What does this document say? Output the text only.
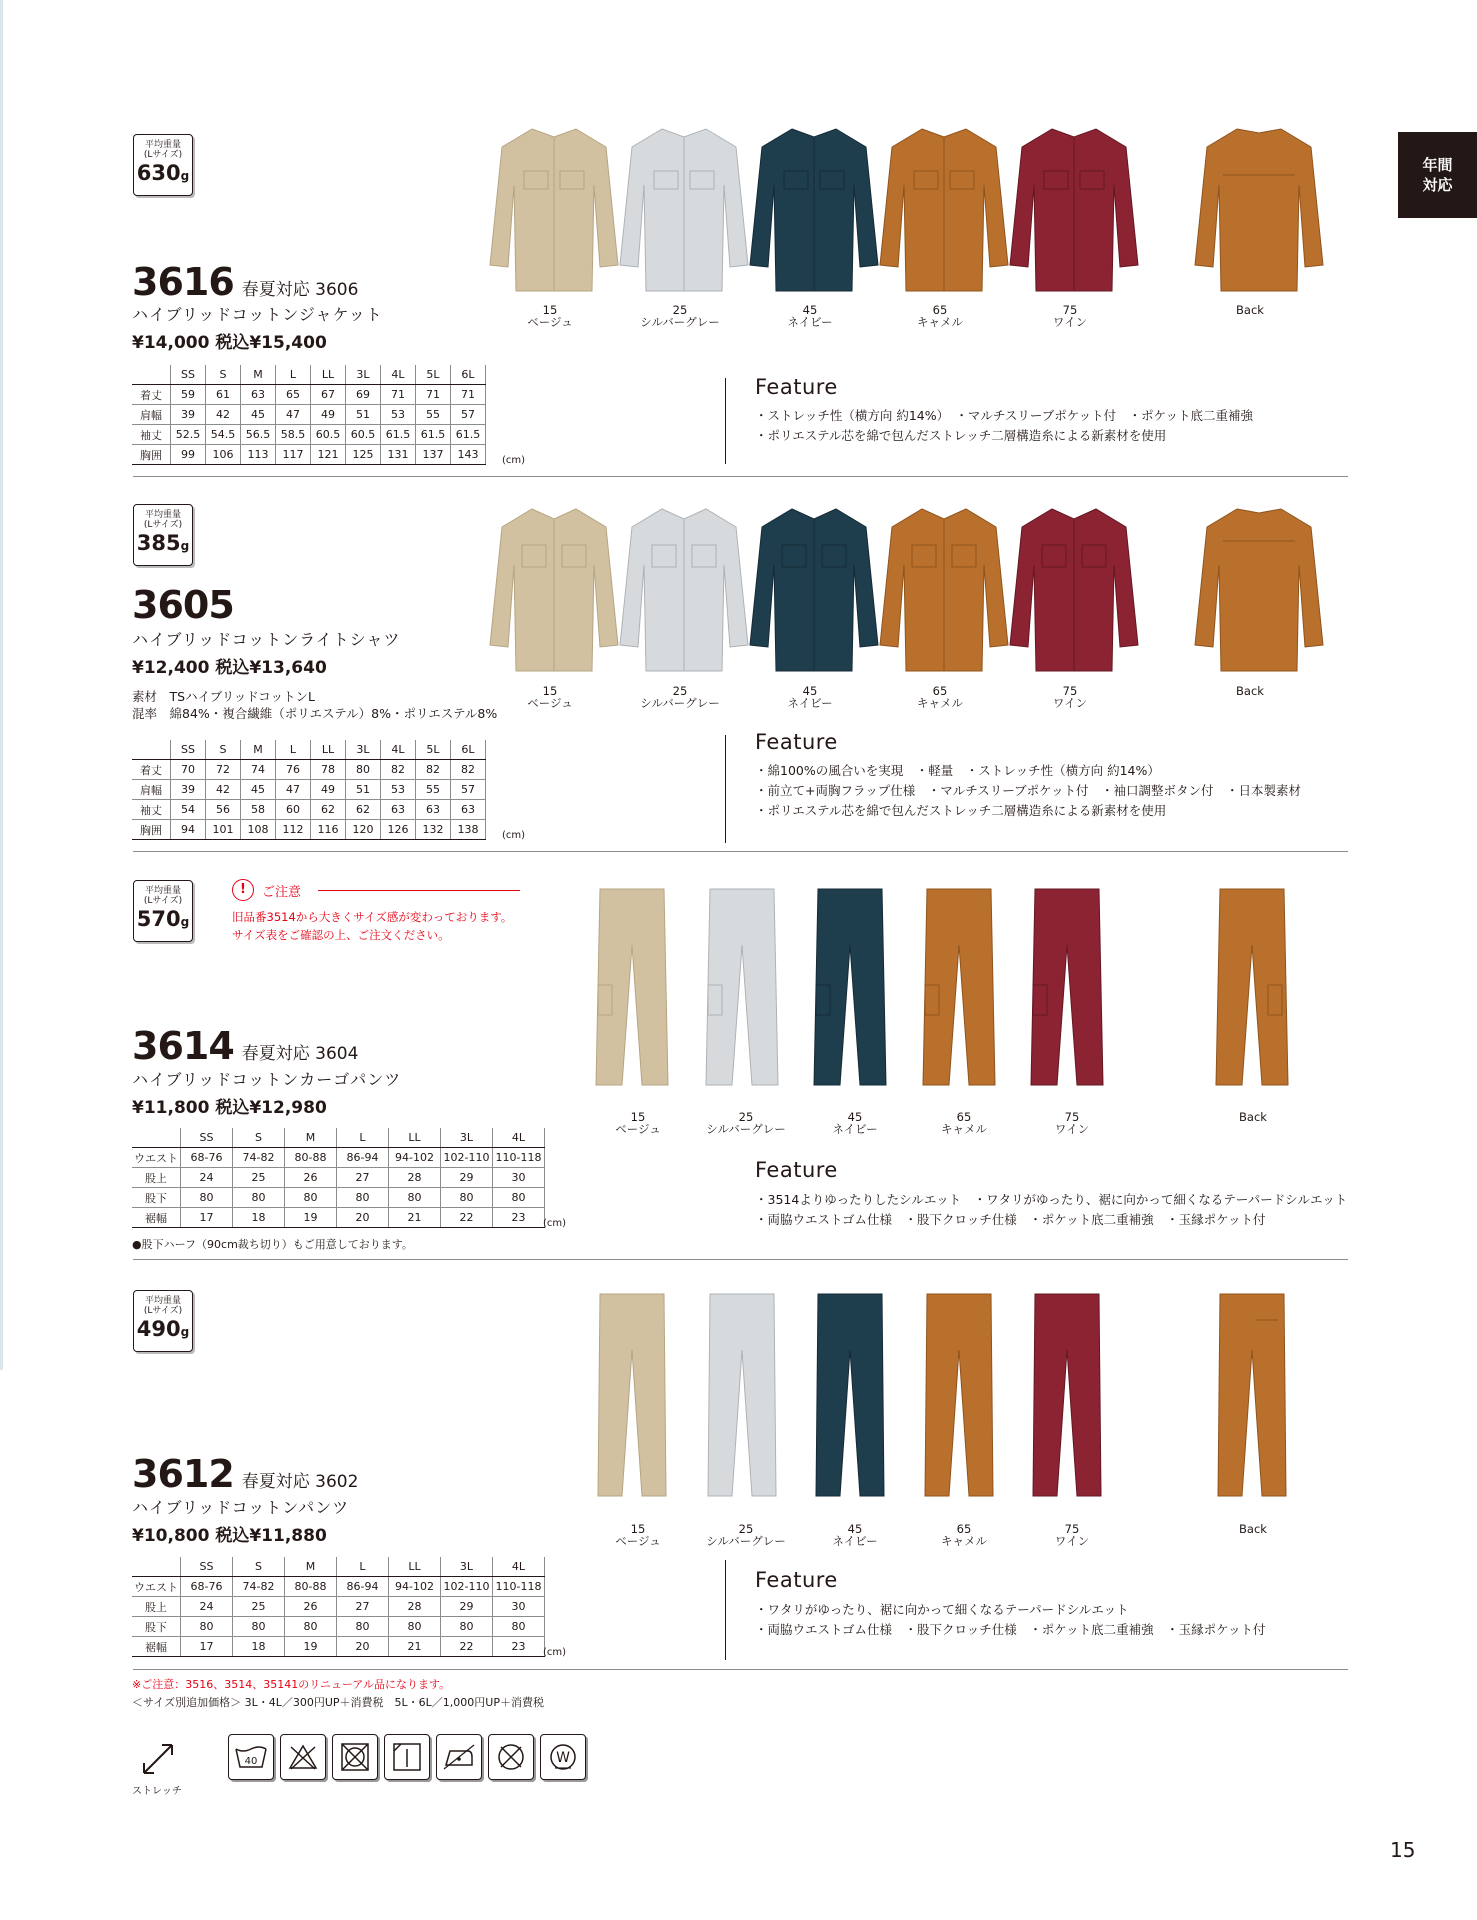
年間
対応
平均重量
(Lサイズ)
630g
3616 春夏対応 3606
ハイブリッドコットンジャケット
¥14,000 税込¥15,400
	SS	S	M	L	LL	3L	4L	5L	6L
着丈	59	61	63	65	67	69	71	71	71
肩幅	39	42	45	47	49	51	53	55	57
袖丈	52.5	54.5	56.5	58.5	60.5	60.5	61.5	61.5	61.5
胸囲	99	106	113	117	121	125	131	137	143 (cm)
Feature
・ストレッチ性（横方向 約14%）　・マルチスリーブポケット付　・ポケット底二重補強
・ポリエステル芯を綿で包んだストレッチ二層構造糸による新素材を使用
15
ベージュ
25
シルバーグレー
45
ネイビー
65
キャメル
75
ワイン
Back
平均重量
(Lサイズ)
385g
3605
ハイブリッドコットンライトシャツ
¥12,400 税込¥13,640
素材　TSハイブリッドコットンL
混率　綿84%・複合繊維（ポリエステル）8%・ポリエステル8%
	SS	S	M	L	LL	3L	4L	5L	6L
着丈	70	72	74	76	78	80	82	82	82
肩幅	39	42	45	47	49	51	53	55	57
袖丈	54	56	58	60	62	62	63	63	63
胸囲	94	101	108	112	116	120	126	132	138 (cm)
Feature
・綿100%の風合いを実現　・軽量　・ストレッチ性（横方向 約14%）
・前立て+両胸フラップ仕様　・マルチスリーブポケット付　・袖口調整ボタン付　・日本製素材
・ポリエステル芯を綿で包んだストレッチ二層構造糸による新素材を使用
15
ベージュ
25
シルバーグレー
45
ネイビー
65
キャメル
75
ワイン
Back
平均重量
(Lサイズ)
570g
!	ご注意
旧品番3514から大きくサイズ感が変わっております。
サイズ表をご確認の上、ご注文ください。
3614 春夏対応 3604
ハイブリッドコットンカーゴパンツ
¥11,800 税込¥12,980
	SS	S	M	L	LL	3L	4L
ウエスト	68-76	74-82	80-88	86-94	94-102	102-110	110-118
股上	24	25	26	27	28	29	30
股下	80	80	80	80	80	80	80
裾幅	17	18	19	20	21	22	23 (cm)
●股下ハーフ（90cm裁ち切り）もご用意しております。
Feature
・3514よりゆったりしたシルエット　・ワタリがゆったり、裾に向かって細くなるテーパードシルエット
・両脇ウエストゴム仕様　・股下クロッチ仕様　・ポケット底二重補強　・玉縁ポケット付
15
ベージュ
25
シルバーグレー
45
ネイビー
65
キャメル
75
ワイン
Back
平均重量
(Lサイズ)
490g
3612 春夏対応 3602
ハイブリッドコットンパンツ
¥10,800 税込¥11,880
	SS	S	M	L	LL	3L	4L
ウエスト	68-76	74-82	80-88	86-94	94-102	102-110	110-118
股上	24	25	26	27	28	29	30
股下	80	80	80	80	80	80	80
裾幅	17	18	19	20	21	22	23 (cm)
Feature
・ワタリがゆったり、裾に向かって細くなるテーパードシルエット
・両脇ウエストゴム仕様　・股下クロッチ仕様　・ポケット底二重補強　・玉縁ポケット付
15
ベージュ
25
シルバーグレー
45
ネイビー
65
キャメル
75
ワイン
Back
※ご注意：3516、3514、35141のリニューアル品になります。
＜サイズ別追加価格＞ 3L・4L／300円UP＋消費税　5L・6L／1,000円UP＋消費税
ストレッチ
40	W
15
